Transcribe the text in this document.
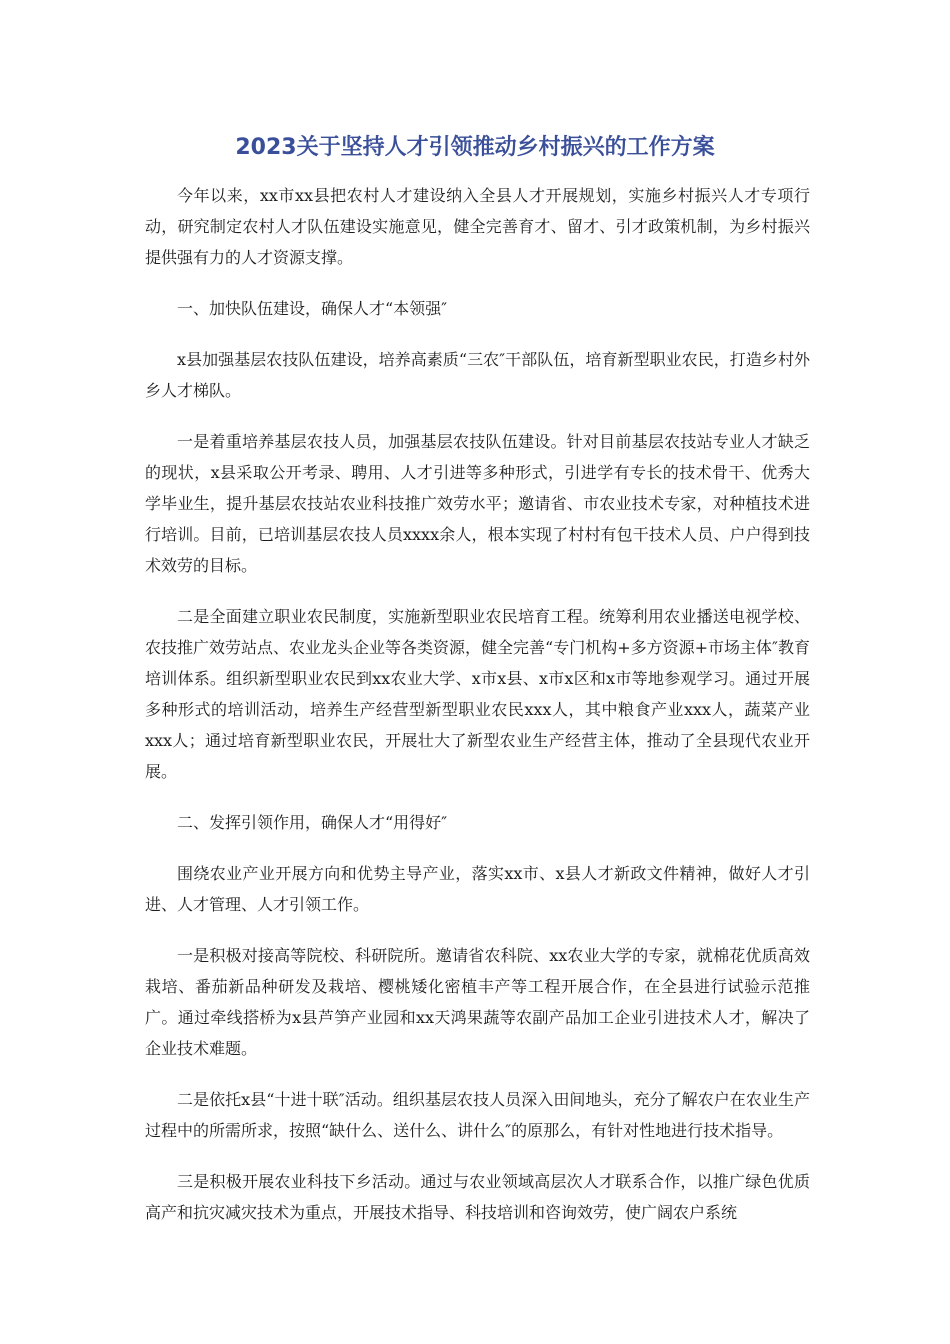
2023关于坚持人才引领推动乡村振兴的工作方案

今年以来，xx市xx县把农村人才建设纳入全县人才开展规划，实施乡村振兴人才专项行动，研究制定农村人才队伍建设实施意见，健全完善育才、留才、引才政策机制，为乡村振兴提供强有力的人才资源支撑。

一、加快队伍建设，确保人才“本领强″

x县加强基层农技队伍建设，培养高素质“三农″干部队伍，培育新型职业农民，打造乡村外乡人才梯队。

一是着重培养基层农技人员，加强基层农技队伍建设。针对目前基层农技站专业人才缺乏的现状，x县采取公开考录、聘用、人才引进等多种形式，引进学有专长的技术骨干、优秀大学毕业生，提升基层农技站农业科技推广效劳水平；邀请省、市农业技术专家，对种植技术进行培训。目前，已培训基层农技人员xxxx余人，根本实现了村村有包干技术人员、户户得到技术效劳的目标。

二是全面建立职业农民制度，实施新型职业农民培育工程。统筹利用农业播送电视学校、农技推广效劳站点、农业龙头企业等各类资源，健全完善“专门机构+多方资源+市场主体″教育培训体系。组织新型职业农民到xx农业大学、x市x县、x市x区和x市等地参观学习。通过开展多种形式的培训活动，培养生产经营型新型职业农民xxx人，其中粮食产业xxx人，蔬菜产业xxx人；通过培育新型职业农民，开展壮大了新型农业生产经营主体，推动了全县现代农业开展。

二、发挥引领作用，确保人才“用得好″

围绕农业产业开展方向和优势主导产业，落实xx市、x县人才新政文件精神，做好人才引进、人才管理、人才引领工作。

一是积极对接高等院校、科研院所。邀请省农科院、xx农业大学的专家，就棉花优质高效栽培、番茄新品种研发及栽培、樱桃矮化密植丰产等工程开展合作，在全县进行试验示范推广。通过牵线搭桥为x县芦笋产业园和xx天鸿果蔬等农副产品加工企业引进技术人才，解决了企业技术难题。

二是依托x县“十进十联″活动。组织基层农技人员深入田间地头，充分了解农户在农业生产过程中的所需所求，按照“缺什么、送什么、讲什么″的原那么，有针对性地进行技术指导。

三是积极开展农业科技下乡活动。通过与农业领域高层次人才联系合作，以推广绿色优质高产和抗灾减灾技术为重点，开展技术指导、科技培训和咨询效劳，使广阔农户系统
